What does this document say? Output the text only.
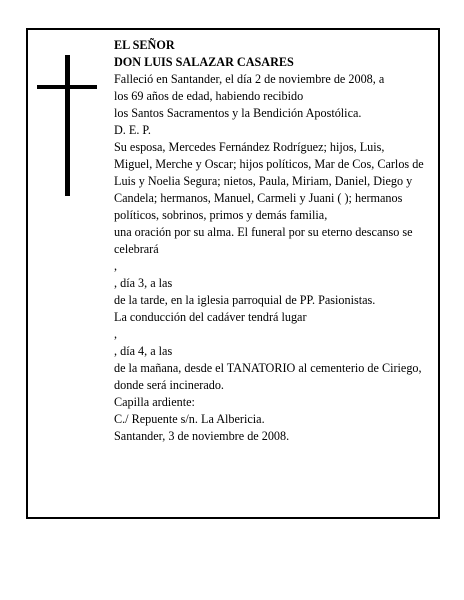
EL SEÑOR
DON LUIS SALAZAR CASARES
Falleció en Santander, el día 2 de noviembre de 2008, a
los 69 años de edad, habiendo recibido
los Santos Sacramentos y la Bendición Apostólica.
D. E. P.
Su esposa, Mercedes Fernández Rodríguez; hijos, Luis, Miguel, Merche y Oscar; hijos políticos, Mar de Cos, Carlos de Luis y Noelia Segura; nietos, Paula, Miriam, Daniel, Diego y Candela; hermanos, Manuel, Carmeli y Juani ( ); hermanos políticos, sobrinos, primos y demás familia,
una oración por su alma. El funeral por su eterno descanso se celebrará
,
, día 3, a las
de la tarde, en la iglesia parroquial de PP. Pasionistas.
La conducción del cadáver tendrá lugar
,
, día 4, a las
de la mañana, desde el TANATORIO al cementerio de Ciriego, donde será incinerado.
Capilla ardiente:
C./ Repuente s/n. La Albericia.
Santander, 3 de noviembre de 2008.
